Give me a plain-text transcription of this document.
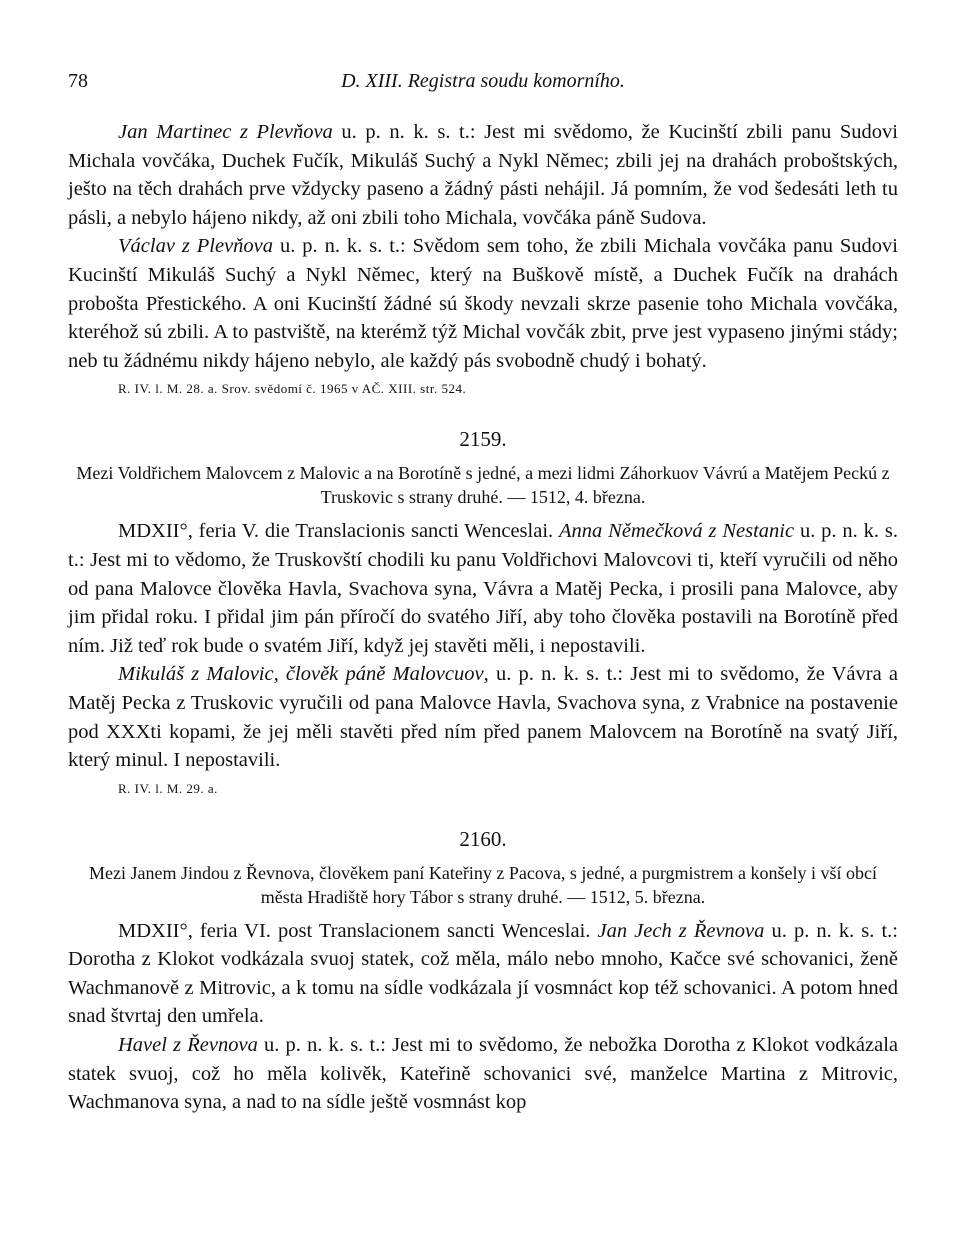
78	D. XIII. Registra soudu komorního.

Jan Martinec z Plevňova u. p. n. k. s. t.: Jest mi svědomo, že Kucinští zbili panu Sudovi Michala vovčáka, Duchek Fučík, Mikuláš Suchý a Nykl Němec; zbili jej na drahách proboštských, ješto na těch drahách prve vždycky paseno a žádný pásti nehájil. Já pomním, že vod šedesáti leth tu pásli, a nebylo hájeno nikdy, až oni zbili toho Michala, vovčáka páně Sudova.

Václav z Plevňova u. p. n. k. s. t.: Svědom sem toho, že zbili Michala vovčáka panu Sudovi Kucinští Mikuláš Suchý a Nykl Němec, který na Buškově místě, a Duchek Fučík na drahách probošta Přestického. A oni Kucinští žádné sú škody nevzali skrze pasenie toho Michala vovčáka, kteréhož sú zbili. A to pastviště, na kterémž týž Michal vovčák zbit, prve jest vypaseno jinými stády; neb tu žádnému nikdy hájeno nebylo, ale každý pás svobodně chudý i bohatý.

R. IV. l. M. 28. a. Srov. svědomí č. 1965 v AČ. XIII. str. 524.
2159.
Mezi Voldřichem Malovcem z Malovic a na Borotíně s jedné, a mezi lidmi Záhorkuov Vávrú a Matějem Peckú z Truskovic s strany druhé. — 1512, 4. března.

MDXII°, feria V. die Translacionis sancti Wenceslai. Anna Němečková z Nestanic u. p. n. k. s. t.: Jest mi to vědomo, že Truskovští chodili ku panu Voldřichovi Malovcovi ti, kteří vyručili od něho od pana Malovce člověka Havla, Svachova syna, Vávra a Matěj Pecka, i prosili pana Malovce, aby jim přidal roku. I přidal jim pán příročí do svatého Jiří, aby toho člověka postavili na Borotíně před ním. Již teď rok bude o svatém Jiří, když jej stavěti měli, i nepostavili.

Mikuláš z Malovic, člověk páně Malovcuov, u. p. n. k. s. t.: Jest mi to svědomo, že Vávra a Matěj Pecka z Truskovic vyručili od pana Malovce Havla, Svachova syna, z Vrabnice na postavenie pod XXXti kopami, že jej měli stavěti před ním před panem Malovcem na Borotíně na svatý Jiří, který minul. I nepostavili.

R. IV. l. M. 29. a.
2160.
Mezi Janem Jindou z Řevnova, člověkem paní Kateřiny z Pacova, s jedné, a purgmistrem a konšely i vší obcí města Hradiště hory Tábor s strany druhé. — 1512, 5. března.

MDXII°, feria VI. post Translacionem sancti Wenceslai. Jan Jech z Řevnova u. p. n. k. s. t.: Dorotha z Klokot vodkázala svuoj statek, což měla, málo nebo mnoho, Kačce své schovanici, ženě Wachmanově z Mitrovic, a k tomu na sídle vodkázala jí vosmnáct kop též schovanici. A potom hned snad štvrtaj den umřela.

Havel z Řevnova u. p. n. k. s. t.: Jest mi to svědomo, že nebožka Dorotha z Klokot vodkázala statek svuoj, což ho měla kolivěk, Kateřině schovanici své, manželce Martina z Mitrovic, Wachmanova syna, a nad to na sídle ještě vosmnást kop
